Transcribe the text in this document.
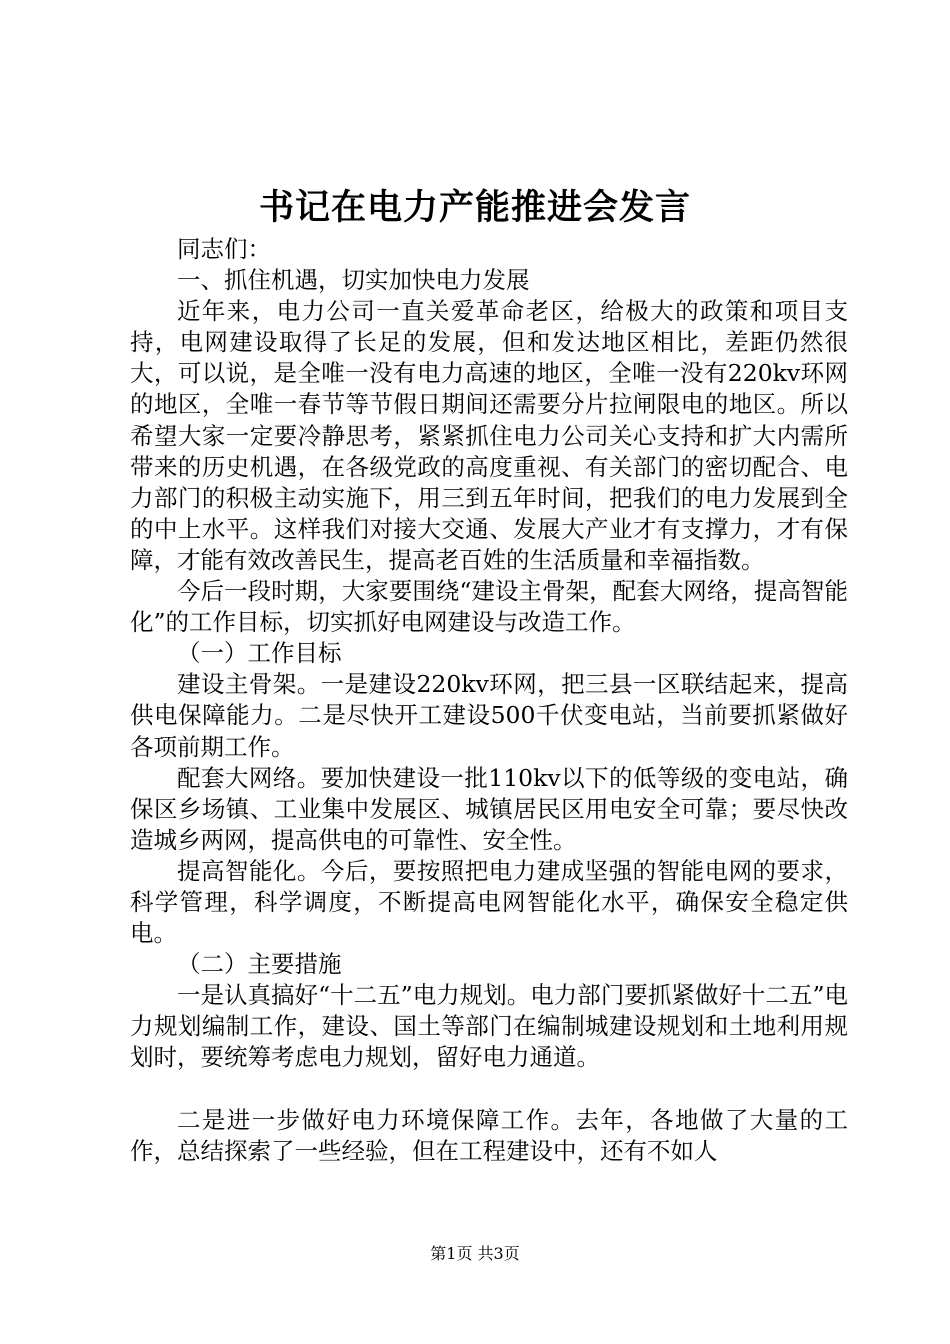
书记在电力产能推进会发言

同志们：

一、抓住机遇，切实加快电力发展

近年来，电力公司一直关爱革命老区，给极大的政策和项目支持，电网建设取得了长足的发展，但和发达地区相比，差距仍然很大，可以说，是全唯一没有电力高速的地区，全唯一没有220kv环网的地区，全唯一春节等节假日期间还需要分片拉闸限电的地区。所以希望大家一定要冷静思考，紧紧抓住电力公司关心支持和扩大内需所带来的历史机遇，在各级党政的高度重视、有关部门的密切配合、电力部门的积极主动实施下，用三到五年时间，把我们的电力发展到全的中上水平。这样我们对接大交通、发展大产业才有支撑力，才有保障，才能有效改善民生，提高老百姓的生活质量和幸福指数。

今后一段时期，大家要围绕“建设主骨架，配套大网络，提高智能化”的工作目标，切实抓好电网建设与改造工作。

（一）工作目标

建设主骨架。一是建设220kv环网，把三县一区联结起来，提高供电保障能力。二是尽快开工建设500千伏变电站，当前要抓紧做好各项前期工作。

配套大网络。要加快建设一批110kv以下的低等级的变电站，确保区乡场镇、工业集中发展区、城镇居民区用电安全可靠；要尽快改造城乡两网，提高供电的可靠性、安全性。

提高智能化。今后，要按照把电力建成坚强的智能电网的要求，科学管理，科学调度，不断提高电网智能化水平，确保安全稳定供电。

（二）主要措施

一是认真搞好“十二五”电力规划。电力部门要抓紧做好十二五”电力规划编制工作，建设、国土等部门在编制城建设规划和土地利用规划时，要统筹考虑电力规划，留好电力通道。

二是进一步做好电力环境保障工作。去年，各地做了大量的工作，总结探索了一些经验，但在工程建设中，还有不如人

第1页 共3页
